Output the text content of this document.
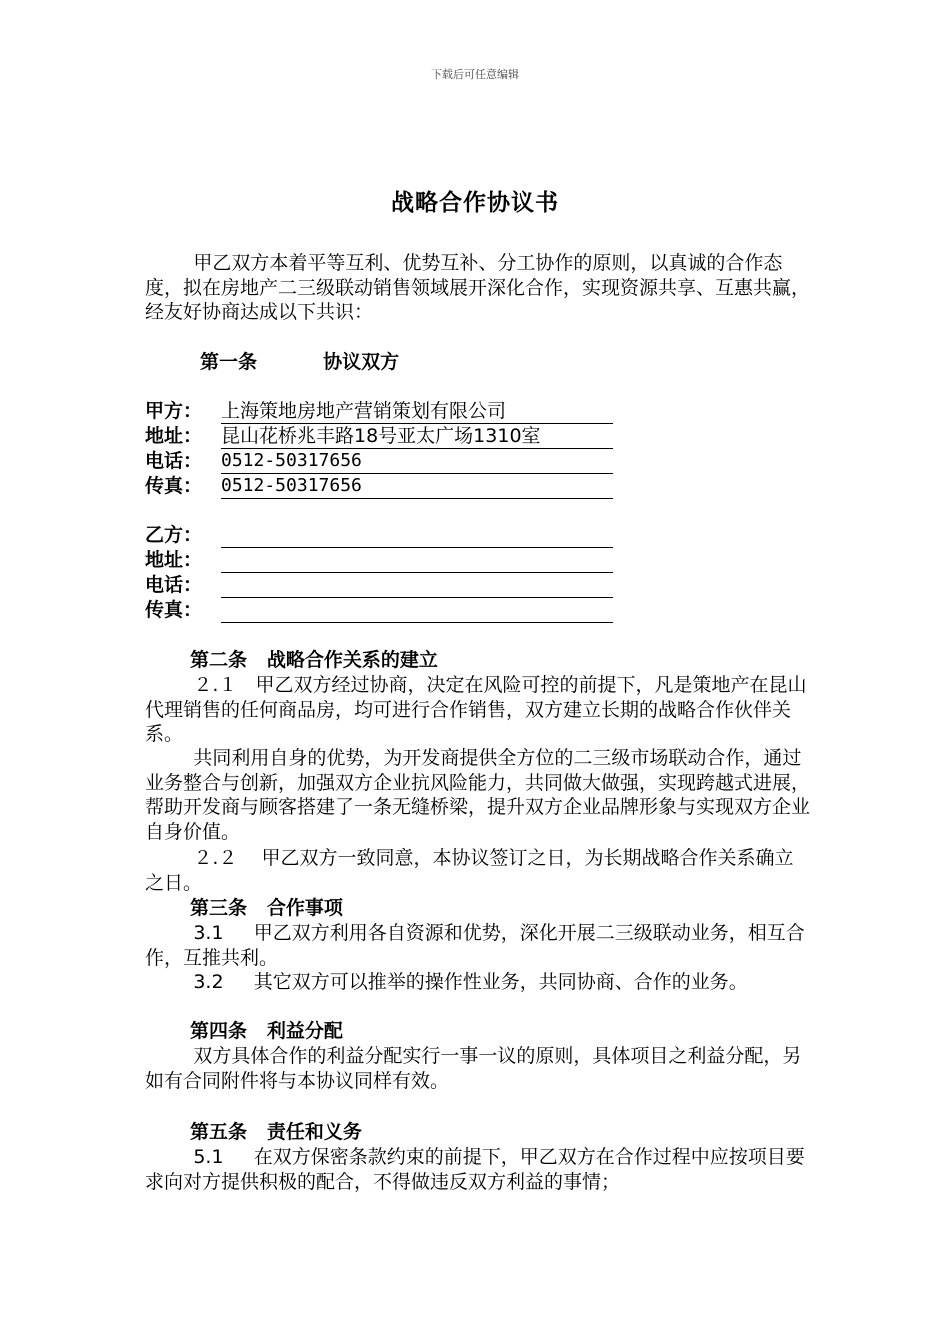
下载后可任意编辑
战略合作协议书
甲乙双方本着平等互利、优势互补、分工协作的原则，以真诚的合作态度，拟在房地产二三级联动销售领域展开深化合作，实现资源共享、互惠共赢，经友好协商达成以下共识：
第一条          协议双方
甲方： 上海策地房地产营销策划有限公司
地址： 昆山花桥兆丰路18号亚太广场1310室
电话： 0512-50317656
传真： 0512-50317656
乙方：
地址：
电话：
传真：
第二条   战略合作关系的建立
２.１   甲乙双方经过协商，决定在风险可控的前提下，凡是策地产在昆山代理销售的任何商品房，均可进行合作销售，双方建立长期的战略合作伙伴关系。
共同利用自身的优势，为开发商提供全方位的二三级市场联动合作，通过业务整合与创新，加强双方企业抗风险能力，共同做大做强，实现跨越式进展，帮助开发商与顾客搭建了一条无缝桥梁，提升双方企业品牌形象与实现双方企业自身价值。
２.２    甲乙双方一致同意，本协议签订之日，为长期战略合作关系确立之日。
第三条   合作事项
3.1     甲乙双方利用各自资源和优势，深化开展二三级联动业务，相互合作，互推共利。
3.2     其它双方可以推举的操作性业务，共同协商、合作的业务。
第四条   利益分配
双方具体合作的利益分配实行一事一议的原则，具体项目之利益分配，另如有合同附件将与本协议同样有效。
第五条   责任和义务
5.1     在双方保密条款约束的前提下，甲乙双方在合作过程中应按项目要求向对方提供积极的配合，不得做违反双方利益的事情；
